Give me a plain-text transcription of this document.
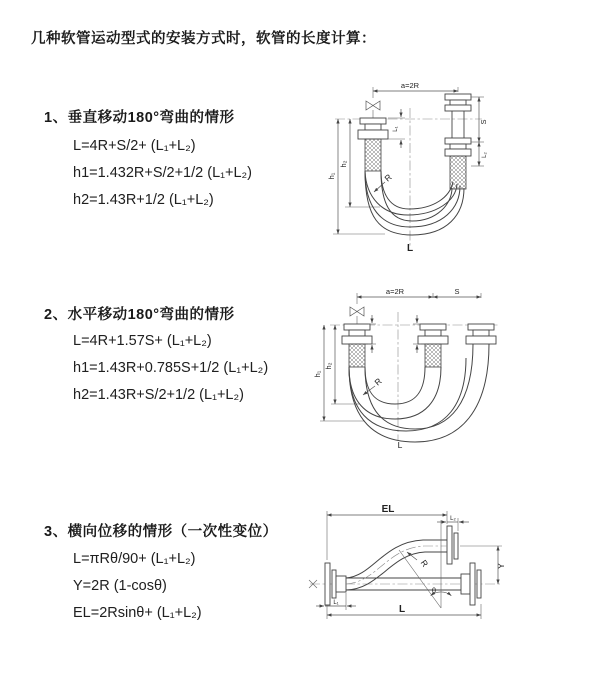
几种软管运动型式的安装方式时，软管的长度计算：
1、垂直移动180°弯曲的情形
L=4R+S/2+ (L₁+L₂)
h1=1.432R+S/2+1/2 (L₁+L₂)
h2=1.43R+1/2 (L₁+L₂)
a=2R
S
L₂
L₁
h₁
h₂
R
L
2、水平移动180°弯曲的情形
L=4R+1.57S+ (L₁+L₂)
h1=1.43R+0.785S+1/2 (L₁+L₂)
h2=1.43R+S/2+1/2 (L₁+L₂)
a=2R	S
h₁
h₂
R
L
3、横向位移的情形（一次性变位）
L=πRθ/90+ (L₁+L₂)
Y=2R (1-cosθ)
EL=2Rsinθ+ (L₁+L₂)
EL
L₂
Y
L
L₁
θ
R
